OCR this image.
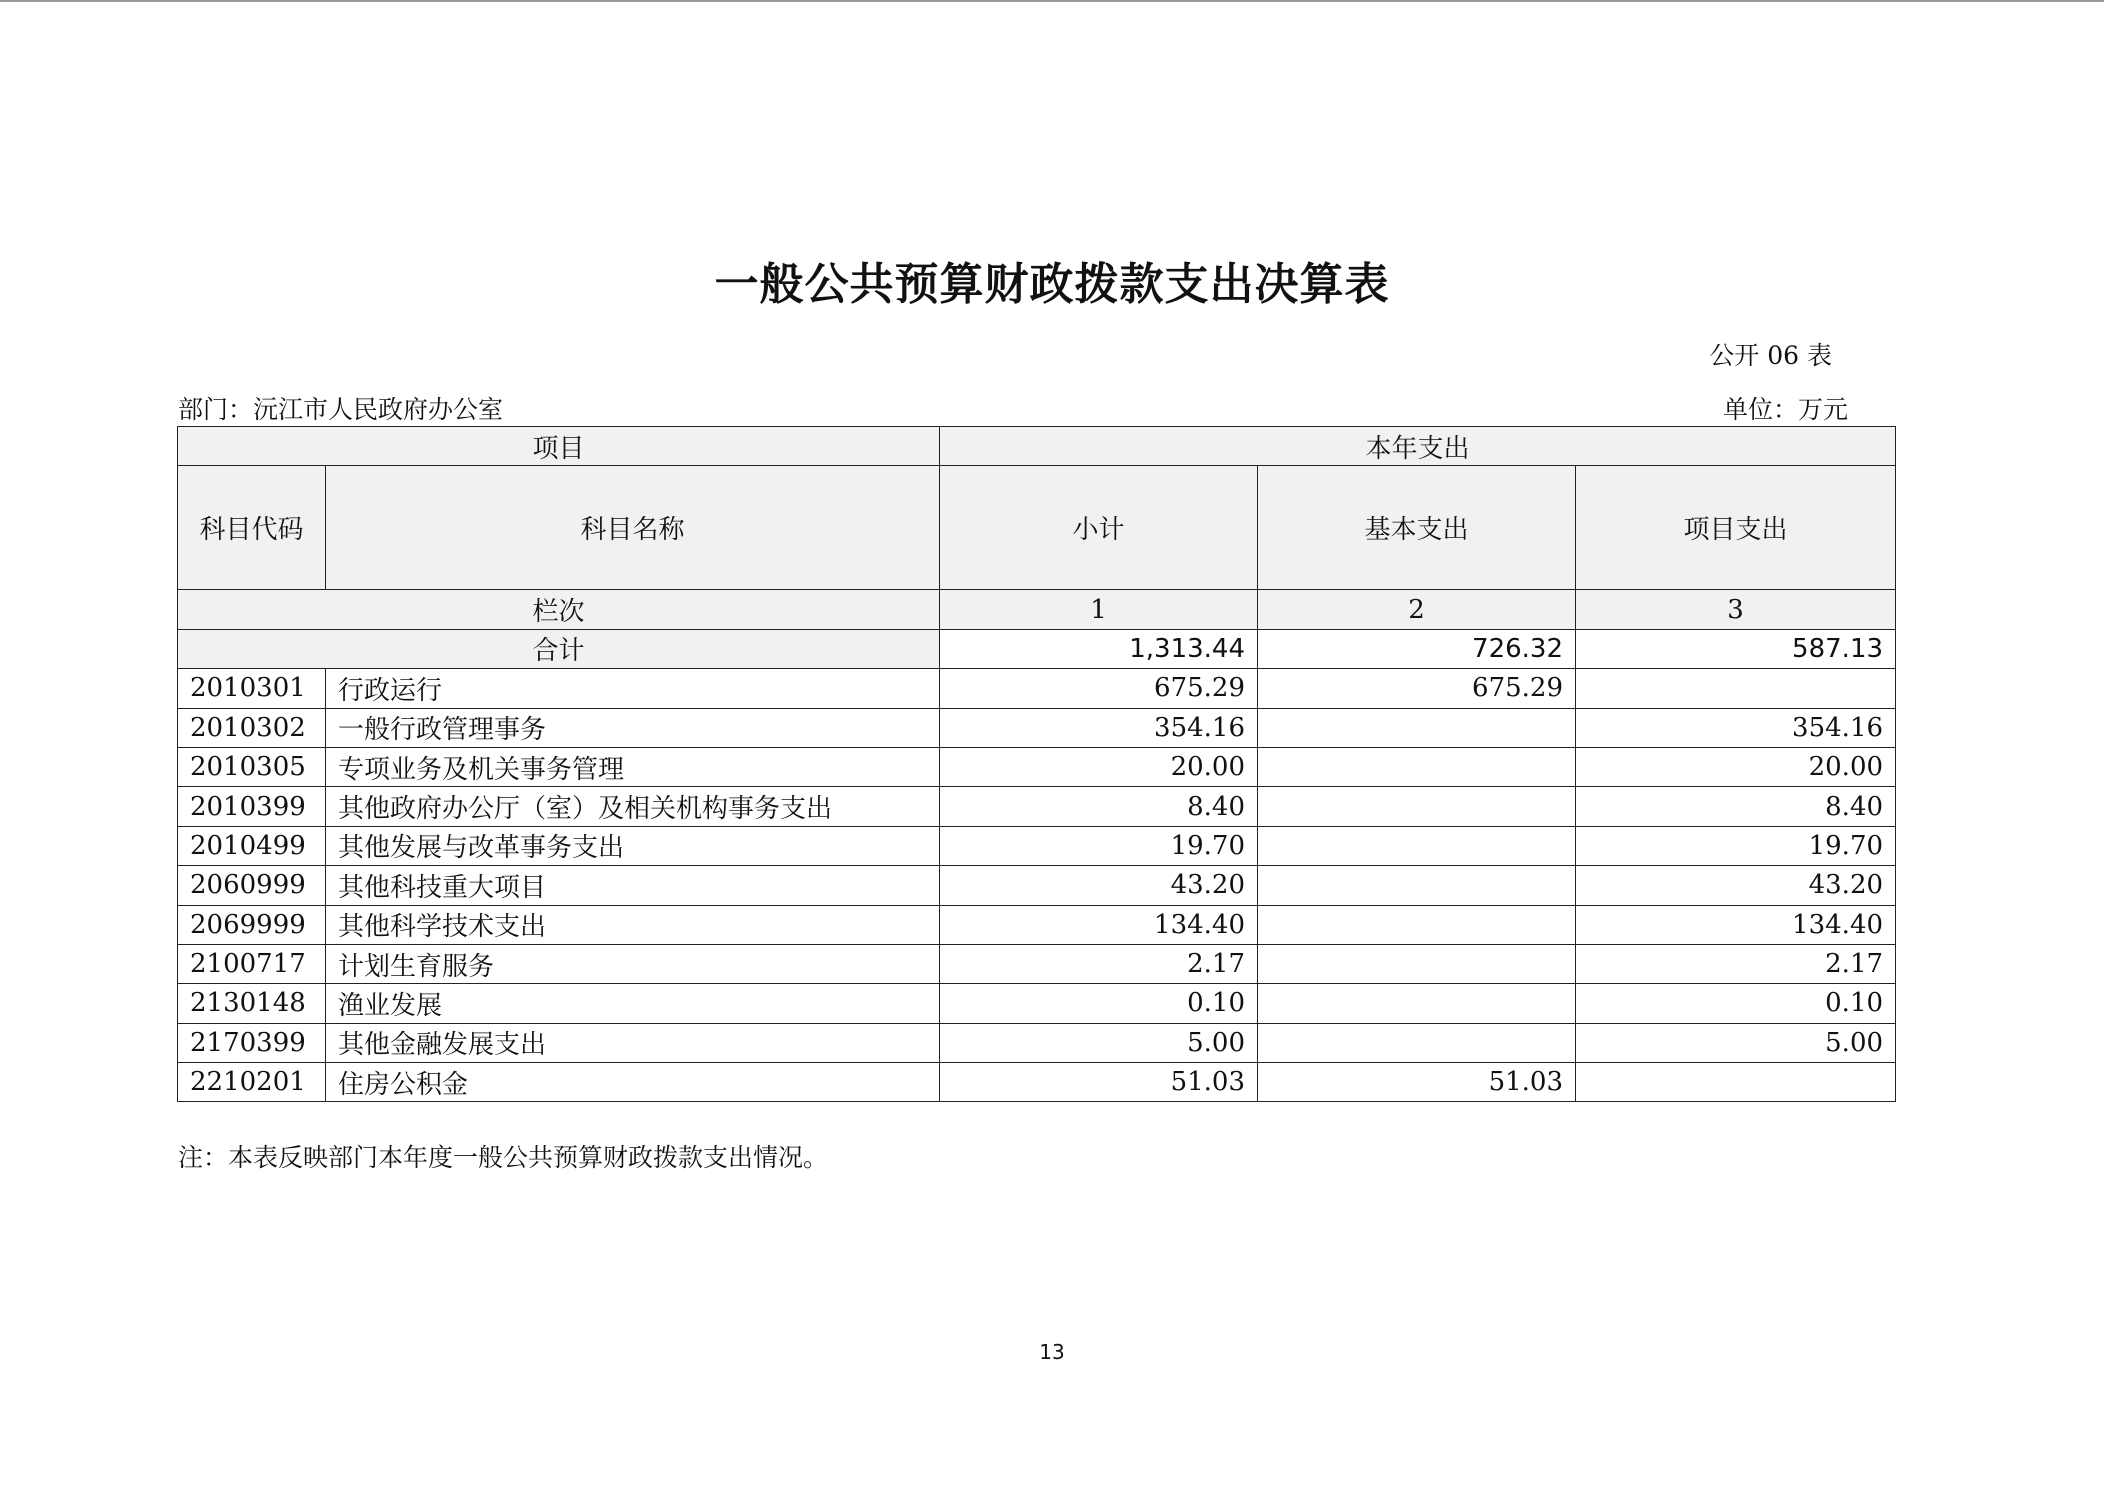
一般公共预算财政拨款支出决算表
公开 06 表
部门：沅江市人民政府办公室	单位：万元
项目		本年支出		
科目代码	科目名称	小计	基本支出	项目支出
栏次		1	2	3
合计		1,313.44	726.32	587.13
2010301	行政运行	675.29	675.29	
2010302	一般行政管理事务	354.16		354.16
2010305	专项业务及机关事务管理	20.00		20.00
2010399	其他政府办公厅（室）及相关机构事务支出	8.40		8.40
2010499	其他发展与改革事务支出	19.70		19.70
2060999	其他科技重大项目	43.20		43.20
2069999	其他科学技术支出	134.40		134.40
2100717	计划生育服务	2.17		2.17
2130148	渔业发展	0.10		0.10
2170399	其他金融发展支出	5.00		5.00
2210201	住房公积金	51.03	51.03	
注：本表反映部门本年度一般公共预算财政拨款支出情况。
13
